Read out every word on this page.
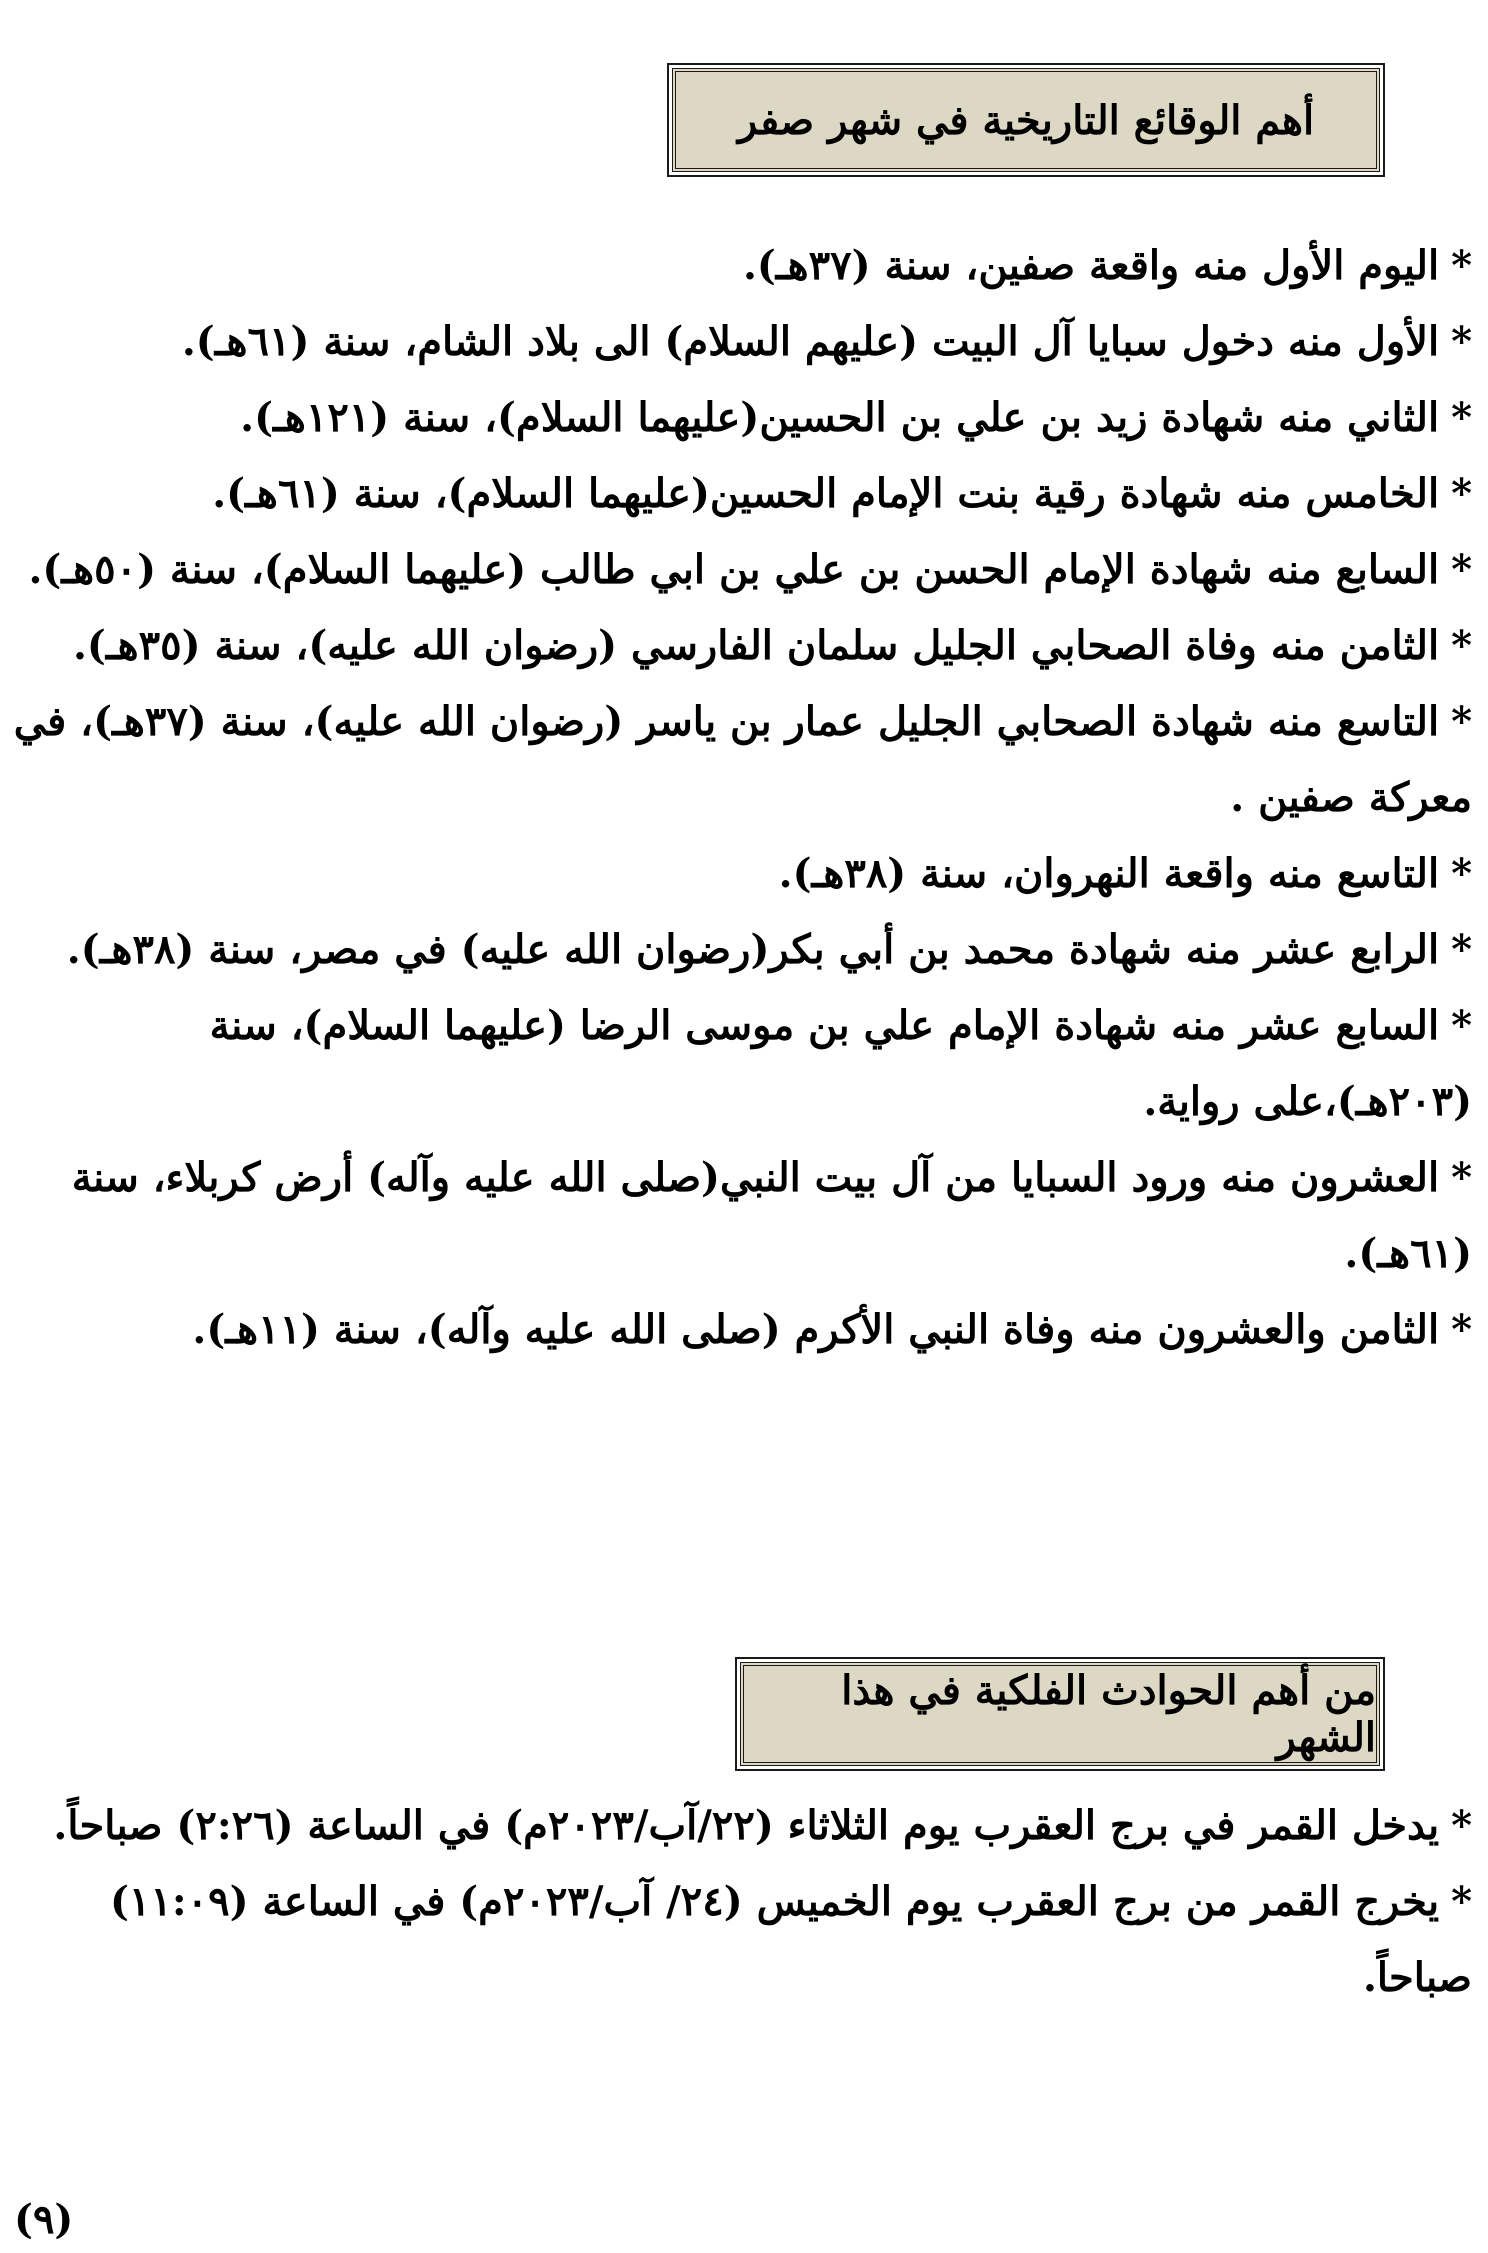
أهم الوقائع التاريخية في شهر صفر
*اليوم الأول منه واقعة صفين، سنة (٣٧هـ).
*الأول منه دخول سبايا آل البيت (عليهم السلام) الى بلاد الشام، سنة (٦١هـ).
*الثاني منه شهادة زيد بن علي بن الحسين(عليهما السلام)، سنة (١٢١هـ).
*الخامس منه شهادة رقية بنت الإمام الحسين(عليهما السلام)، سنة (٦١هـ).
*السابع منه شهادة الإمام الحسن بن علي بن ابي طالب (عليهما السلام)، سنة (٥٠هـ).
*الثامن منه وفاة الصحابي الجليل سلمان الفارسي (رضوان الله عليه)، سنة (٣٥هـ).
*التاسع منه شهادة الصحابي الجليل عمار بن ياسر (رضوان الله عليه)، سنة (٣٧هـ)، في معركة صفين .
*التاسع منه واقعة النهروان، سنة (٣٨هـ).
*الرابع عشر منه شهادة محمد بن أبي بكر(رضوان الله عليه) في مصر، سنة (٣٨هـ).
*السابع عشر منه شهادة الإمام علي بن موسى الرضا (عليهما السلام)، سنة (٢٠٣هـ)،على رواية.
*العشرون منه ورود السبايا من آل بيت النبي(صلى الله عليه وآله) أرض كربلاء، سنة (٦١هـ).
*الثامن والعشرون منه وفاة النبي الأكرم (صلى الله عليه وآله)، سنة (١١هـ).
من أهم الحوادث الفلكية في هذا الشهر
*يدخل القمر في برج العقرب يوم الثلاثاء (٢٢/آب/٢٠٢٣م) في الساعة (٢:٢٦) صباحاً.
*يخرج القمر من برج العقرب يوم الخميس (٢٤/ آب/٢٠٢٣م) في الساعة (١١:٠٩) صباحاً.
(٩)
